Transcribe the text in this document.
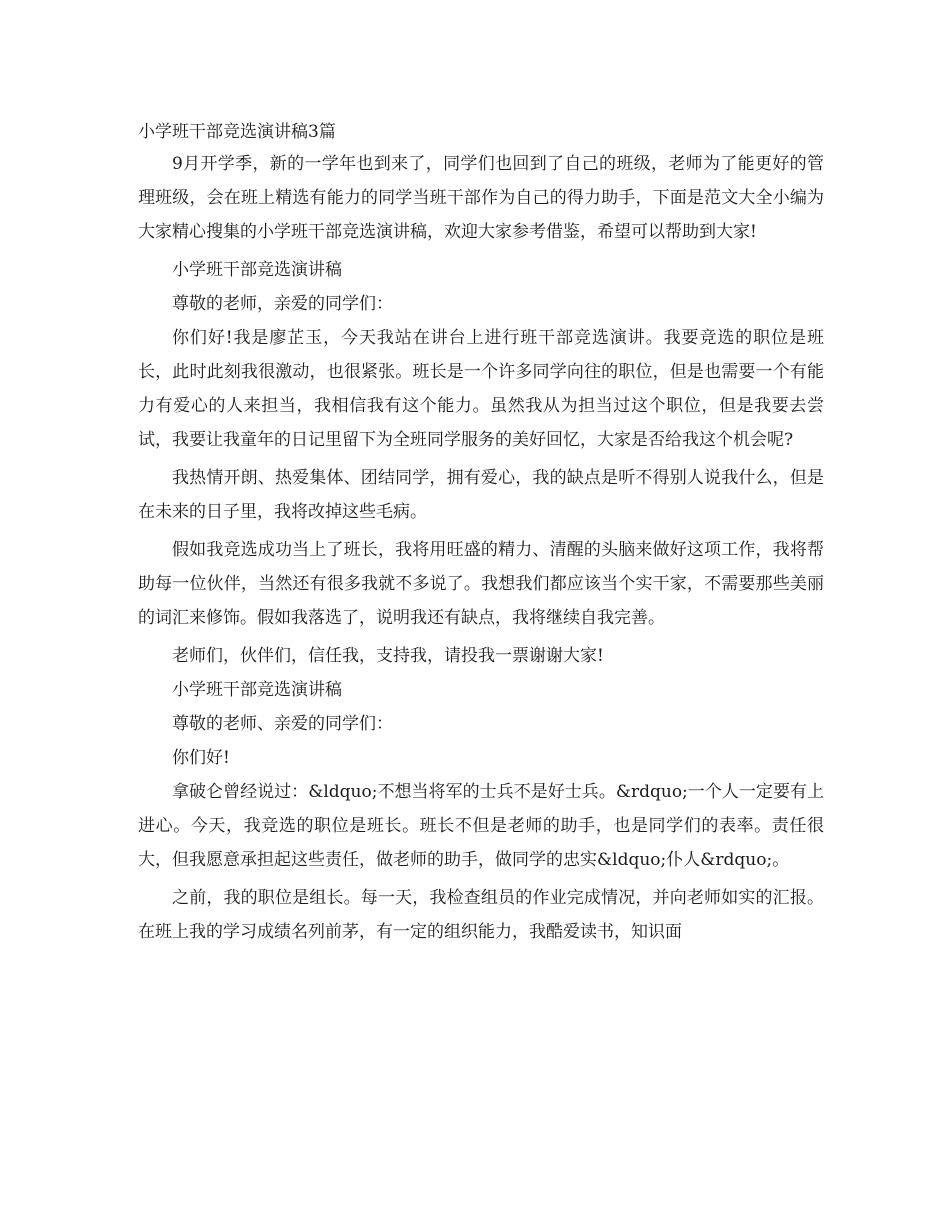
小学班干部竞选演讲稿3篇

9月开学季，新的一学年也到来了，同学们也回到了自己的班级，老师为了能更好的管理班级，会在班上精选有能力的同学当班干部作为自己的得力助手，下面是范文大全小编为大家精心搜集的小学班干部竞选演讲稿，欢迎大家参考借鉴，希望可以帮助到大家!

小学班干部竞选演讲稿

尊敬的老师，亲爱的同学们：

你们好!我是廖芷玉，今天我站在讲台上进行班干部竞选演讲。我要竞选的职位是班长，此时此刻我很激动，也很紧张。班长是一个许多同学向往的职位，但是也需要一个有能力有爱心的人来担当，我相信我有这个能力。虽然我从为担当过这个职位，但是我要去尝试，我要让我童年的日记里留下为全班同学服务的美好回忆，大家是否给我这个机会呢?

我热情开朗、热爱集体、团结同学，拥有爱心，我的缺点是听不得别人说我什么，但是在未来的日子里，我将改掉这些毛病。

假如我竞选成功当上了班长，我将用旺盛的精力、清醒的头脑来做好这项工作，我将帮助每一位伙伴，当然还有很多我就不多说了。我想我们都应该当个实干家，不需要那些美丽的词汇来修饰。假如我落选了，说明我还有缺点，我将继续自我完善。

老师们，伙伴们，信任我，支持我，请投我一票谢谢大家!

小学班干部竞选演讲稿

尊敬的老师、亲爱的同学们：

你们好!

拿破仑曾经说过：&ldquo;不想当将军的士兵不是好士兵。&rdquo;一个人一定要有上进心。今天，我竞选的职位是班长。班长不但是老师的助手，也是同学们的表率。责任很大，但我愿意承担起这些责任，做老师的助手，做同学的忠实&ldquo;仆人&rdquo;。

之前，我的职位是组长。每一天，我检查组员的作业完成情况，并向老师如实的汇报。在班上我的学习成绩名列前茅，有一定的组织能力，我酷爱读书，知识面
